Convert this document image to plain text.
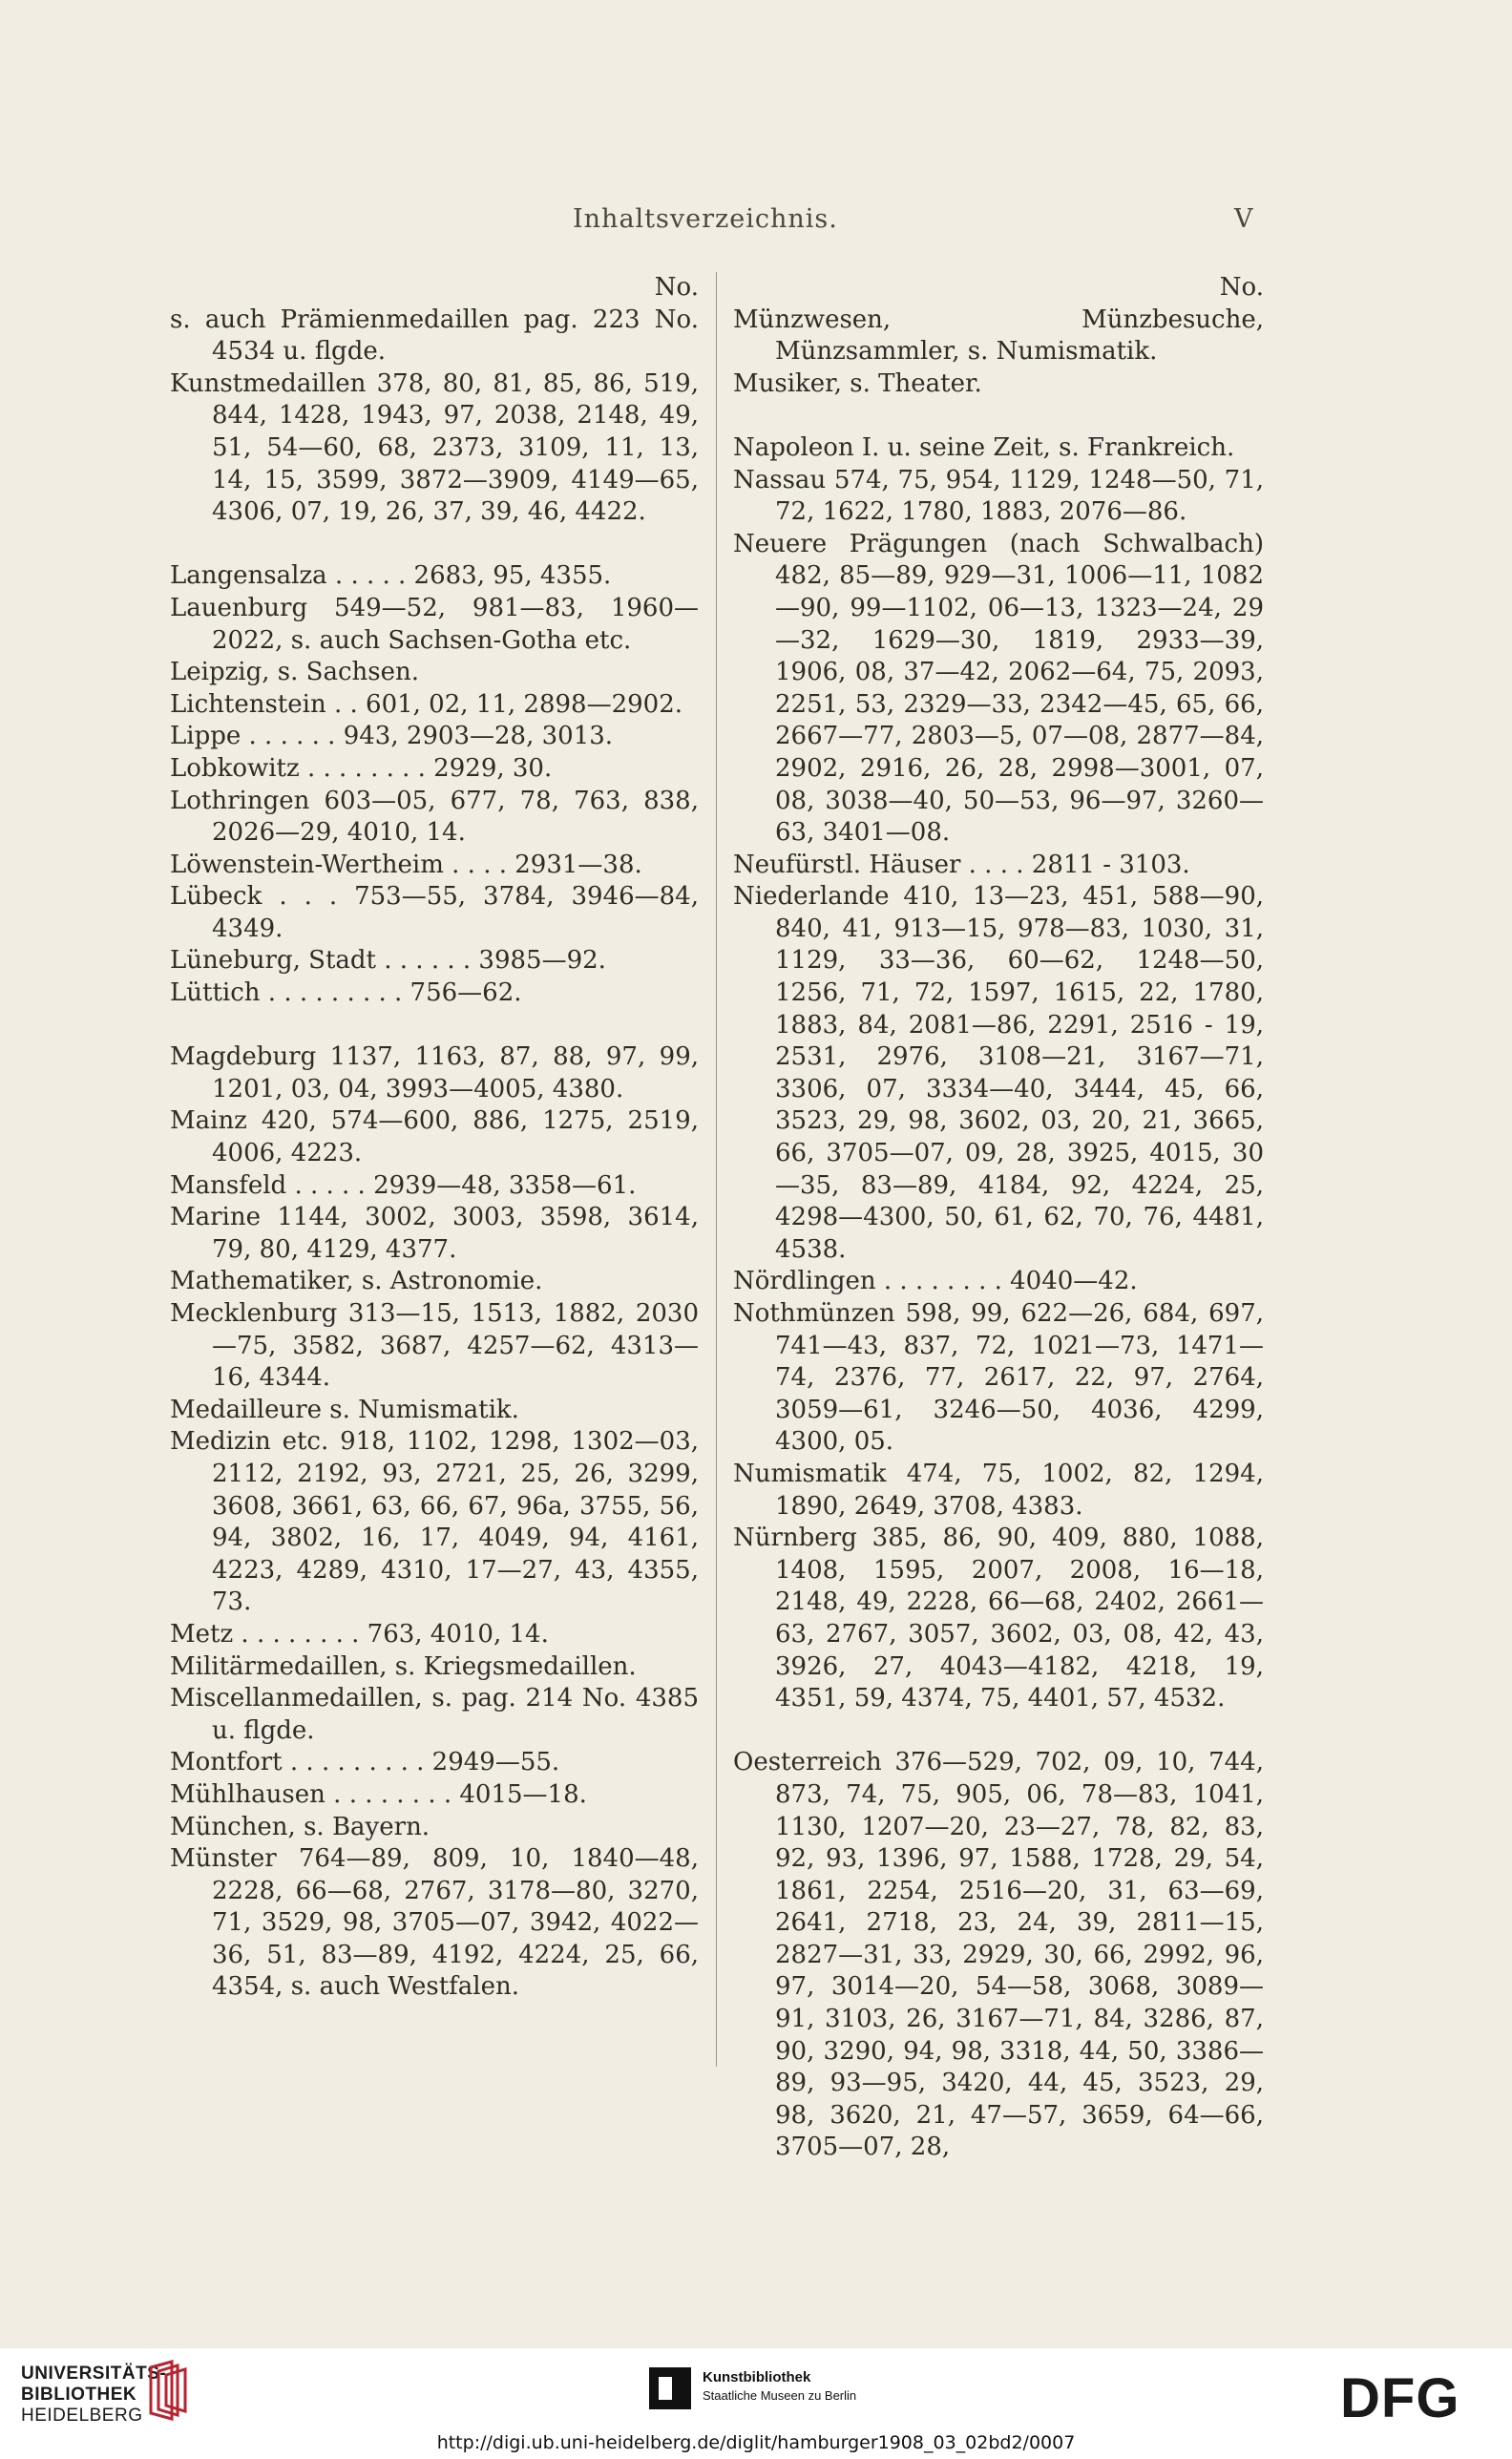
Inhaltsverzeichnis.	V
No.
s. auch Prämienmedaillen pag. 223 No. 4534 u. flgde.
Kunstmedaillen 378, 80, 81, 85, 86, 519, 844, 1428, 1943, 97, 2038, 2148, 49, 51, 54—60, 68, 2373, 3109, 11, 13, 14, 15, 3599, 3872—3909, 4149—65, 4306, 07, 19, 26, 37, 39, 46, 4422.
Langensalza . . . . . 2683, 95, 4355.
Lauenburg 549—52, 981—83, 1960—2022, s. auch Sachsen-Gotha etc.
Leipzig, s. Sachsen.
Lichtenstein . . 601, 02, 11, 2898—2902.
Lippe . . . . . . 943, 2903—28, 3013.
Lobkowitz . . . . . . . . 2929, 30.
Lothringen 603—05, 677, 78, 763, 838, 2026—29, 4010, 14.
Löwenstein-Wertheim . . . . 2931—38.
Lübeck . . . 753—55, 3784, 3946—84, 4349.
Lüneburg, Stadt . . . . . . 3985—92.
Lüttich . . . . . . . . . 756—62.
Magdeburg 1137, 1163, 87, 88, 97, 99, 1201, 03, 04, 3993—4005, 4380.
Mainz 420, 574—600, 886, 1275, 2519, 4006, 4223.
Mansfeld . . . . . 2939—48, 3358—61.
Marine 1144, 3002, 3003, 3598, 3614, 79, 80, 4129, 4377.
Mathematiker, s. Astronomie.
Mecklenburg 313—15, 1513, 1882, 2030—75, 3582, 3687, 4257—62, 4313—16, 4344.
Medailleure s. Numismatik.
Medizin etc. 918, 1102, 1298, 1302—03, 2112, 2192, 93, 2721, 25, 26, 3299, 3608, 3661, 63, 66, 67, 96a, 3755, 56, 94, 3802, 16, 17, 4049, 94, 4161, 4223, 4289, 4310, 17—27, 43, 4355, 73.
Metz . . . . . . . . 763, 4010, 14.
Militärmedaillen, s. Kriegsmedaillen.
Miscellanmedaillen, s. pag. 214 No. 4385 u. flgde.
Montfort . . . . . . . . . 2949—55.
Mühlhausen . . . . . . . . 4015—18.
München, s. Bayern.
Münster 764—89, 809, 10, 1840—48, 2228, 66—68, 2767, 3178—80, 3270, 71, 3529, 98, 3705—07, 3942, 4022—36, 51, 83—89, 4192, 4224, 25, 66, 4354, s. auch Westfalen.
No.
Münzwesen, Münzbesuche, Münzsammler, s. Numismatik.
Musiker, s. Theater.
Napoleon I. u. seine Zeit, s. Frankreich.
Nassau 574, 75, 954, 1129, 1248—50, 71, 72, 1622, 1780, 1883, 2076—86.
Neuere Prägungen (nach Schwalbach) 482, 85—89, 929—31, 1006—11, 1082—90, 99—1102, 06—13, 1323—24, 29—32, 1629—30, 1819, 2933—39, 1906, 08, 37—42, 2062—64, 75, 2093, 2251, 53, 2329—33, 2342—45, 65, 66, 2667—77, 2803—5, 07—08, 2877—84, 2902, 2916, 26, 28, 2998—3001, 07, 08, 3038—40, 50—53, 96—97, 3260—63, 3401—08.
Neufürstl. Häuser . . . . 2811 - 3103.
Niederlande 410, 13—23, 451, 588—90, 840, 41, 913—15, 978—83, 1030, 31, 1129, 33—36, 60—62, 1248—50, 1256, 71, 72, 1597, 1615, 22, 1780, 1883, 84, 2081—86, 2291, 2516 - 19, 2531, 2976, 3108—21, 3167—71, 3306, 07, 3334—40, 3444, 45, 66, 3523, 29, 98, 3602, 03, 20, 21, 3665, 66, 3705—07, 09, 28, 3925, 4015, 30—35, 83—89, 4184, 92, 4224, 25, 4298—4300, 50, 61, 62, 70, 76, 4481, 4538.
Nördlingen . . . . . . . . 4040—42.
Nothmünzen 598, 99, 622—26, 684, 697, 741—43, 837, 72, 1021—73, 1471—74, 2376, 77, 2617, 22, 97, 2764, 3059—61, 3246—50, 4036, 4299, 4300, 05.
Numismatik 474, 75, 1002, 82, 1294, 1890, 2649, 3708, 4383.
Nürnberg 385, 86, 90, 409, 880, 1088, 1408, 1595, 2007, 2008, 16—18, 2148, 49, 2228, 66—68, 2402, 2661—63, 2767, 3057, 3602, 03, 08, 42, 43, 3926, 27, 4043—4182, 4218, 19, 4351, 59, 4374, 75, 4401, 57, 4532.
Oesterreich 376—529, 702, 09, 10, 744, 873, 74, 75, 905, 06, 78—83, 1041, 1130, 1207—20, 23—27, 78, 82, 83, 92, 93, 1396, 97, 1588, 1728, 29, 54, 1861, 2254, 2516—20, 31, 63—69, 2641, 2718, 23, 24, 39, 2811—15, 2827—31, 33, 2929, 30, 66, 2992, 96, 97, 3014—20, 54—58, 3068, 3089—91, 3103, 26, 3167—71, 84, 3286, 87, 90, 3290, 94, 98, 3318, 44, 50, 3386—89, 93—95, 3420, 44, 45, 3523, 29, 98, 3620, 21, 47—57, 3659, 64—66, 3705—07, 28,
UNIVERSITÄTS-
BIBLIOTHEK
HEIDELBERG
Kunstbibliothek
Staatliche Museen zu Berlin	DFG
http://digi.ub.uni-heidelberg.de/diglit/hamburger1908_03_02bd2/0007
